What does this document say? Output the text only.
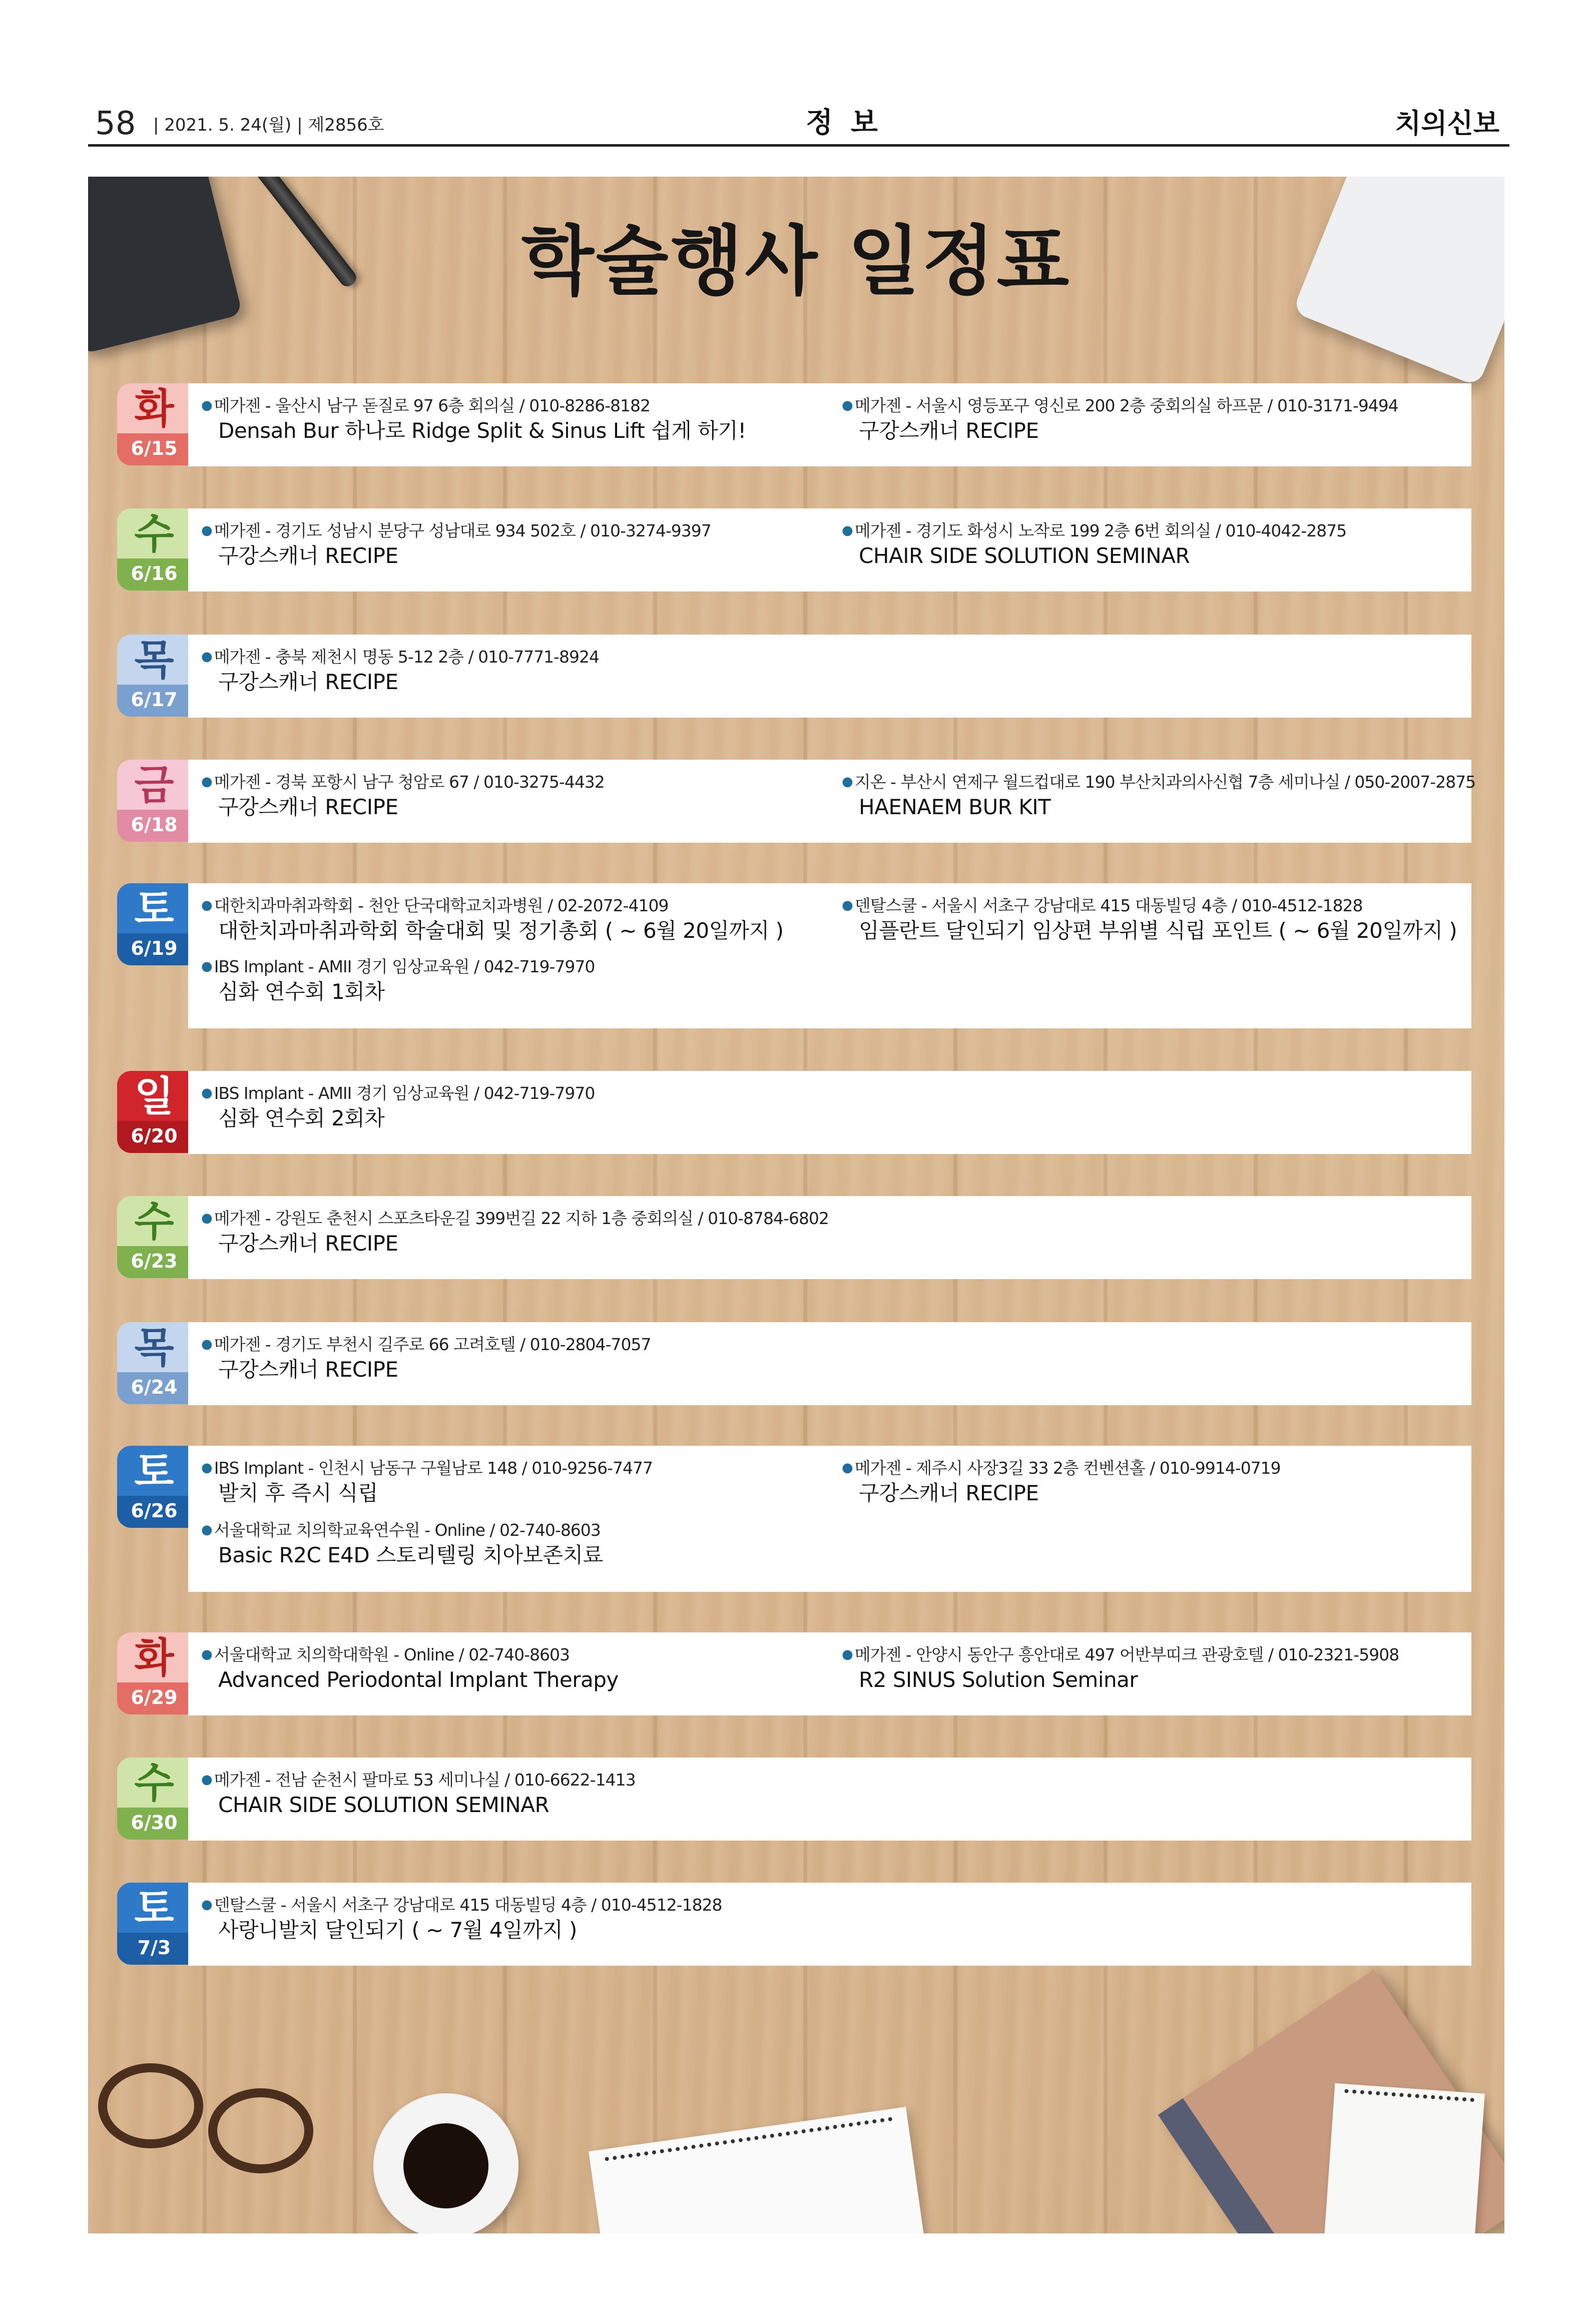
58 | 2021. 5. 24(월) | 제2856호	정 보	치의신보
학술행사 일정표
화
6/15
● 메가젠 - 울산시 남구 돋질로 97 6층 회의실 / 010-8286-8182
Densah Bur 하나로 Ridge Split & Sinus Lift 쉽게 하기!
● 메가젠 - 서울시 영등포구 영신로 200 2층 중회의실 하프문 / 010-3171-9494
구강스캐너 RECIPE
수
6/16
● 메가젠 - 경기도 성남시 분당구 성남대로 934 502호 / 010-3274-9397
구강스캐너 RECIPE
● 메가젠 - 경기도 화성시 노작로 199 2층 6번 회의실 / 010-4042-2875
CHAIR SIDE SOLUTION SEMINAR
목
6/17
● 메가젠 - 충북 제천시 명동 5-12 2층 / 010-7771-8924
구강스캐너 RECIPE
금
6/18
● 메가젠 - 경북 포항시 남구 청암로 67 / 010-3275-4432
구강스캐너 RECIPE
● 지온 - 부산시 연제구 월드컵대로 190 부산치과의사신협 7층 세미나실 / 050-2007-2875
HAENAEM BUR KIT
토
6/19
● 대한치과마취과학회 - 천안 단국대학교치과병원 / 02-2072-4109
대한치과마취과학회 학술대회 및 정기총회 ( ~ 6월 20일까지 )
● 덴탈스쿨 - 서울시 서초구 강남대로 415 대동빌딩 4층 / 010-4512-1828
임플란트 달인되기 임상편 부위별 식립 포인트 ( ~ 6월 20일까지 )
● IBS Implant - AMII 경기 임상교육원 / 042-719-7970
심화 연수회 1회차
일
6/20
● IBS Implant - AMII 경기 임상교육원 / 042-719-7970
심화 연수회 2회차
수
6/23
● 메가젠 - 강원도 춘천시 스포츠타운길 399번길 22 지하 1층 중회의실 / 010-8784-6802
구강스캐너 RECIPE
목
6/24
● 메가젠 - 경기도 부천시 길주로 66 고려호텔 / 010-2804-7057
구강스캐너 RECIPE
토
6/26
● IBS Implant - 인천시 남동구 구월남로 148 / 010-9256-7477
발치 후 즉시 식립
● 메가젠 - 제주시 사장3길 33 2층 컨벤션홀 / 010-9914-0719
구강스캐너 RECIPE
● 서울대학교 치의학교육연수원 - Online / 02-740-8603
Basic R2C E4D 스토리텔링 치아보존치료
화
6/29
● 서울대학교 치의학대학원 - Online / 02-740-8603
Advanced Periodontal Implant Therapy
● 메가젠 - 안양시 동안구 흥안대로 497 어반부띠크 관광호텔 / 010-2321-5908
R2 SINUS Solution Seminar
수
6/30
● 메가젠 - 전남 순천시 팔마로 53 세미나실 / 010-6622-1413
CHAIR SIDE SOLUTION SEMINAR
토
7/3
● 덴탈스쿨 - 서울시 서초구 강남대로 415 대동빌딩 4층 / 010-4512-1828
사랑니발치 달인되기 ( ~ 7월 4일까지 )
